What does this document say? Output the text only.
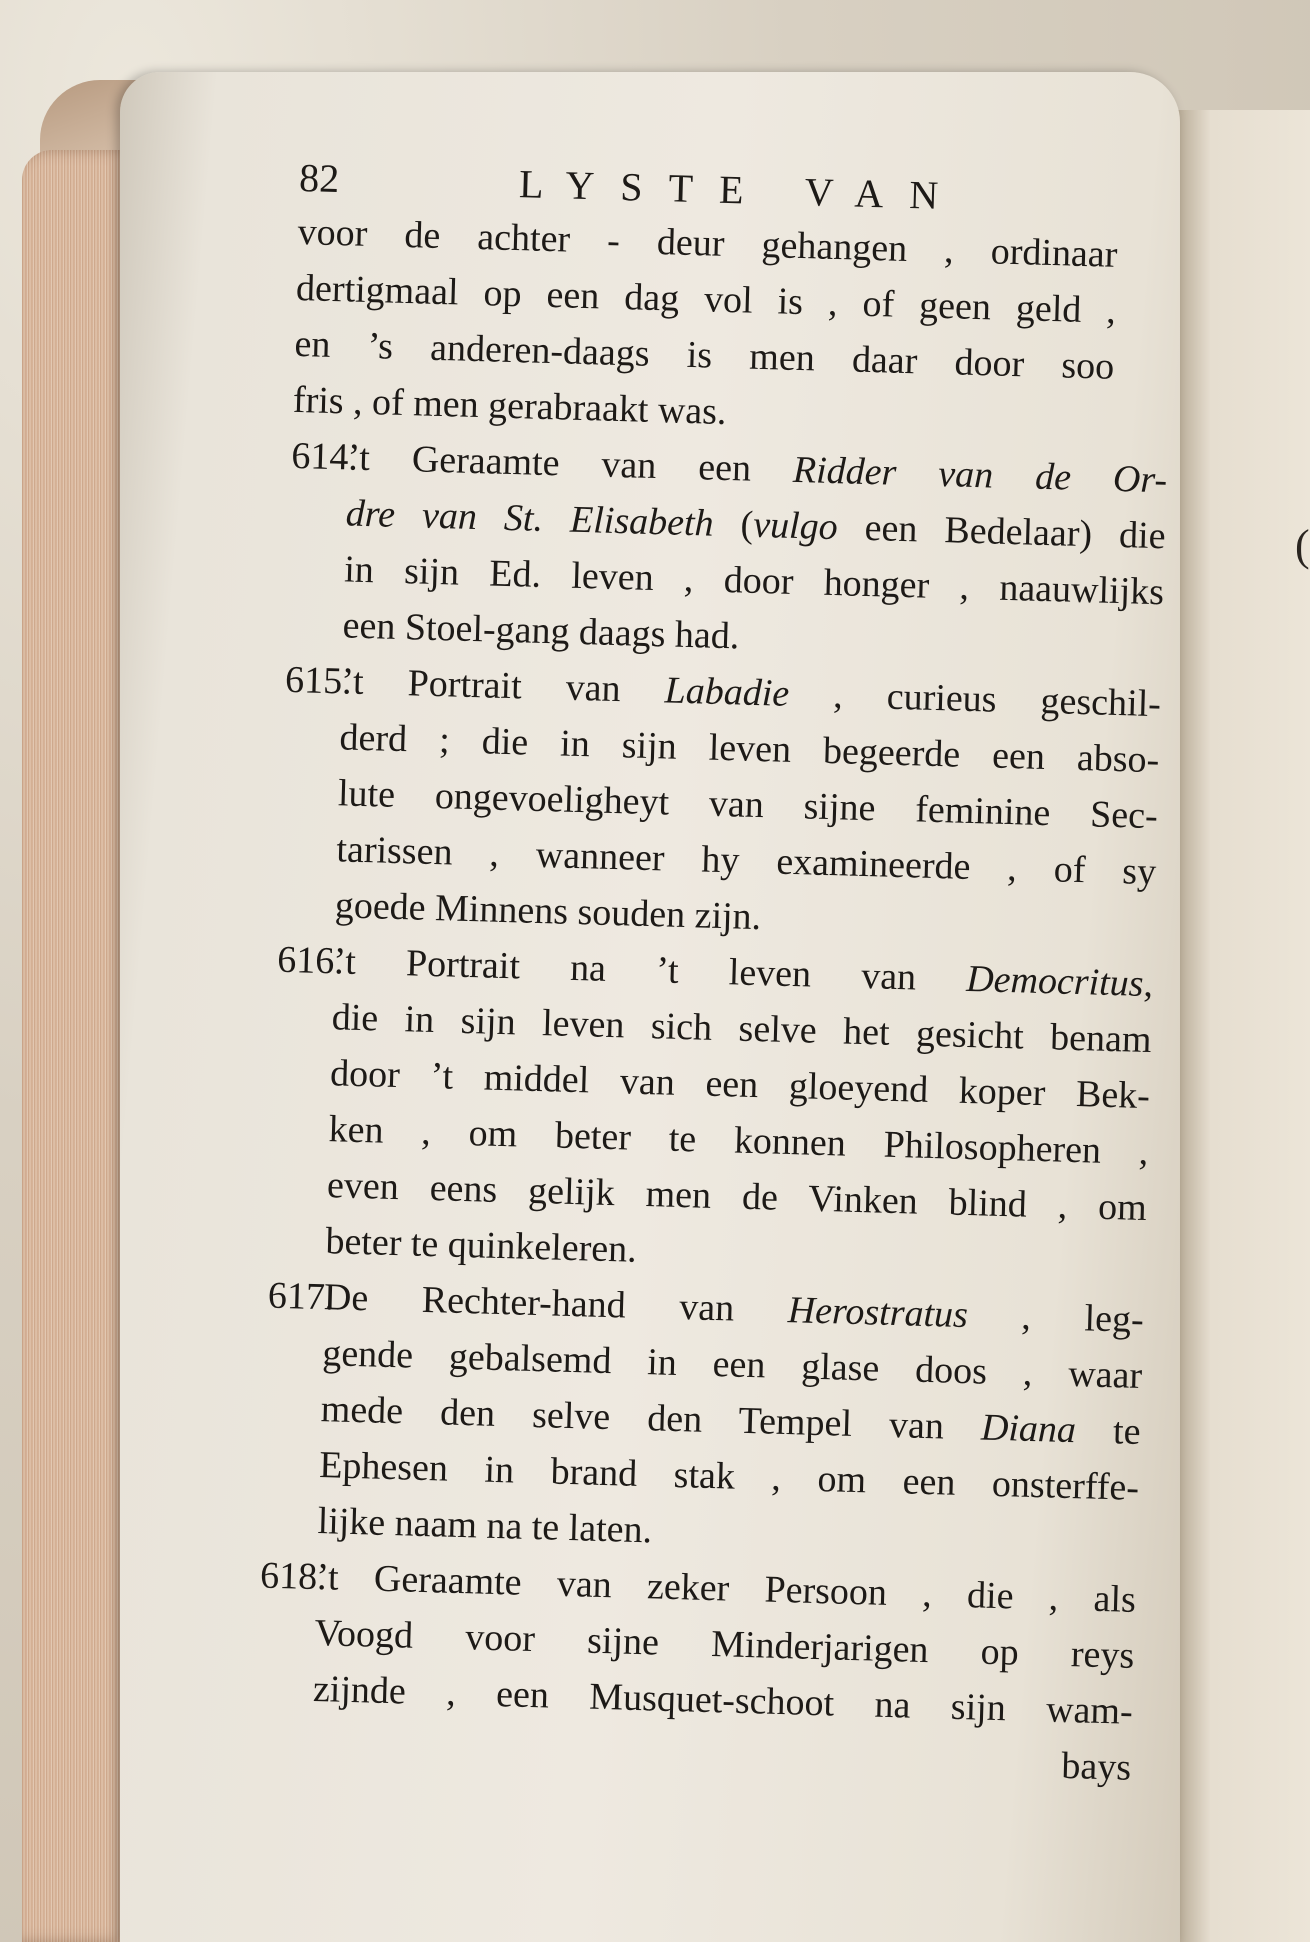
(
82	LYSTE VAN
voor de achter - deur gehangen , ordinaar
dertigmaal op een dag vol is , of geen geld ,
en ’s anderen-daags is men daar door soo
fris , of men gerabraakt was.
614.’t Geraamte van een Ridder van de Or-
dre van St. Elisabeth (vulgo een Bedelaar) die
in sijn Ed. leven , door honger , naauwlijks
een Stoel-gang daags had.
615.’t Portrait van Labadie , curieus geschil-
derd ; die in sijn leven begeerde een abso-
lute ongevoeligheyt van sijne feminine Sec-
tarissen , wanneer hy examineerde , of sy
goede Minnens souden zijn.
616.’t Portrait na ’t leven van Democritus,
die in sijn leven sich selve het gesicht benam
door ’t middel van een gloeyend koper Bek-
ken , om beter te konnen Philosopheren ,
even eens gelijk men de Vinken blind , om
beter te quinkeleren.
617.De Rechter-hand van Herostratus , leg-
gende gebalsemd in een glase doos , waar
mede den selve den Tempel van Diana te
Ephesen in brand stak , om een onsterffe-
lijke naam na te laten.
618.’t Geraamte van zeker Persoon , die , als
Voogd voor sijne Minderjarigen op reys
zijnde , een Musquet-schoot na sijn wam-
bays
